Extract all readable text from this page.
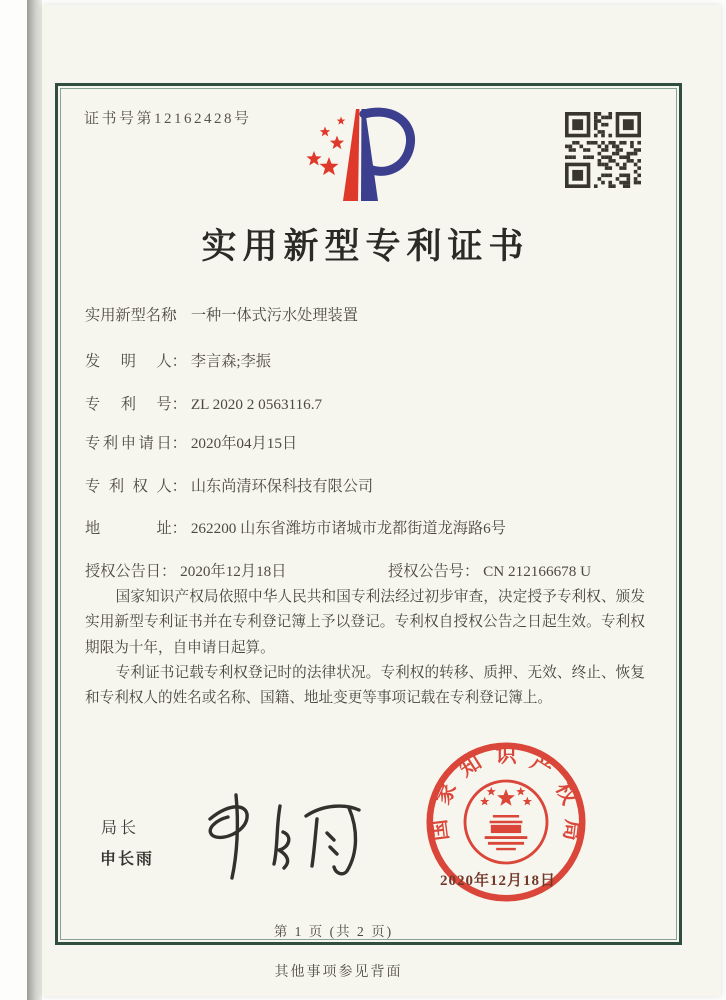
证书号第12162428号
实用新型专利证书
实用新型名称： 一种一体式污水处理装置
发明人： 李言森;李振
专利号： ZL 2020 2 0563116.7
专利申请日： 2020年04月15日
专利权人： 山东尚清环保科技有限公司
地址： 262200 山东省潍坊市诸城市龙都街道龙海路6号
授权公告日： 2020年12月18日	授权公告号： CN 212166678 U

国家知识产权局依照中华人民共和国专利法经过初步审查，决定授予专利权、颁发实用新型专利证书并在专利登记簿上予以登记。专利权自授权公告之日起生效。专利权期限为十年，自申请日起算。

专利证书记载专利权登记时的法律状况。专利权的转移、质押、无效、终止、恢复和专利权人的姓名或名称、国籍、地址变更等事项记载在专利登记簿上。

局长
申长雨
国
家
知 识 产
权
局
2020年12月18日
第 1 页 (共 2 页)
其他事项参见背面
